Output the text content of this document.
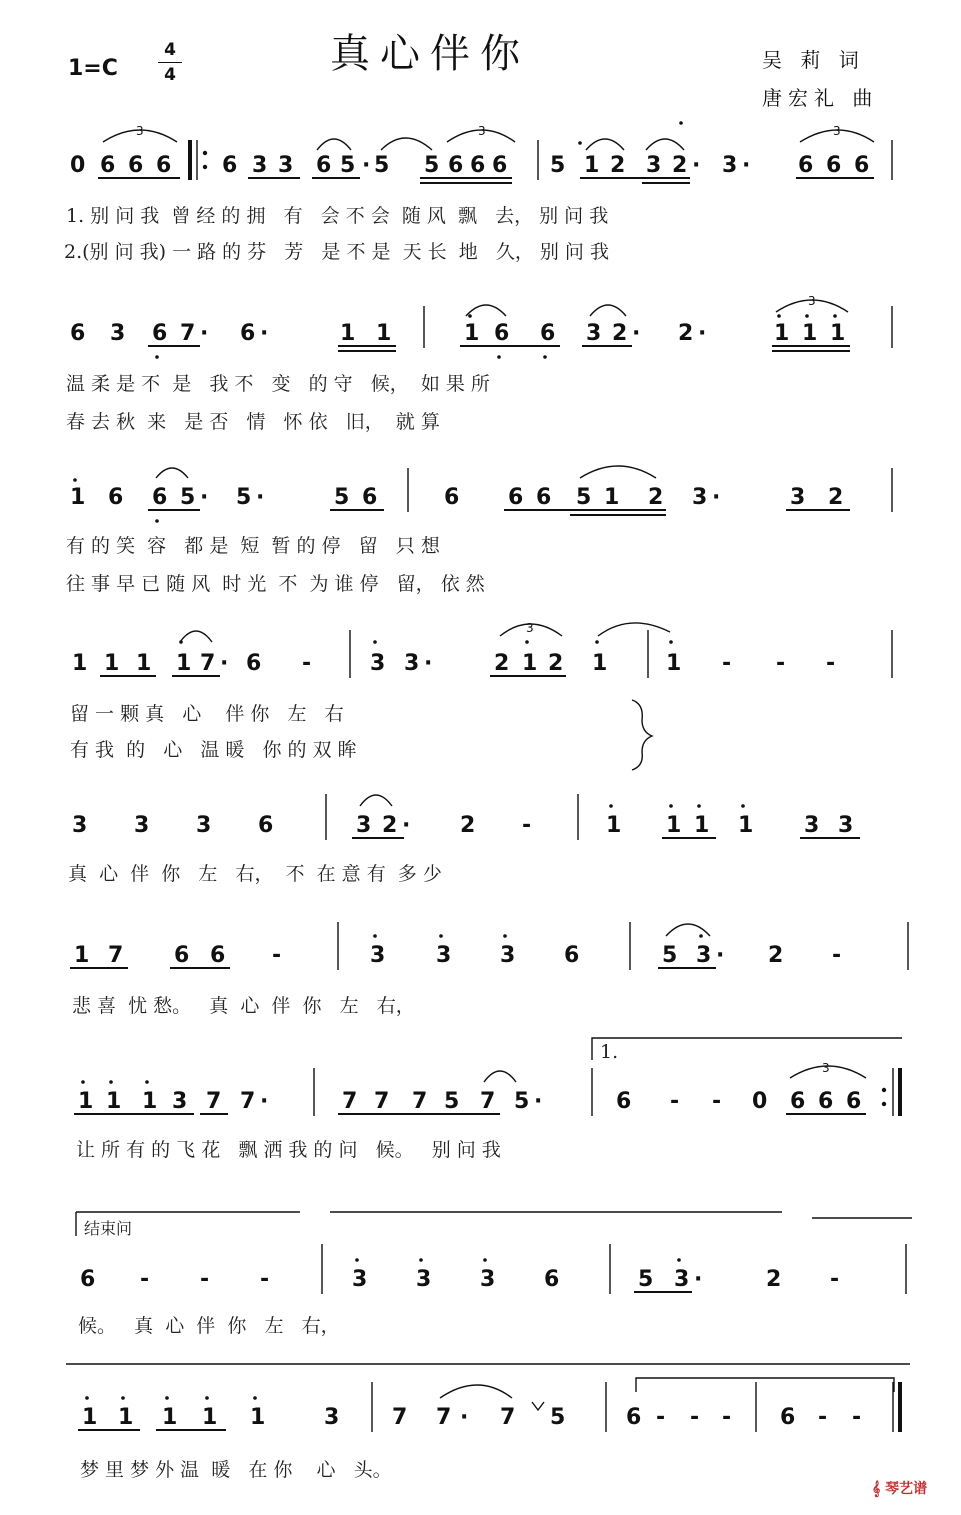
真心伴你
1=C
4
4
吴 莉 词
唐宏礼 曲
0 6 6 6 6 3 3 6 5 5 5 6 6 6 5 1 2 3 2 3	6 6 6
·	· ·
3	3	3
1. 别 问 我  曾 经 的 拥   有   会 不 会  随 风  飘   去， 别 问 我
2.(别 问 我) 一 路 的 芬   芳   是 不 是  天 长  地   久， 别 问 我
6 3 6 7 6	1 1	1 6 6 3 2 2	1 1 1
· ·	·	·
3
温 柔 是 不  是   我 不   变   的 守   候，  如 果 所
春 去 秋  来   是 否   情   怀 依   旧，  就 算
1 6 6 5 5	5 6	6 6 6 5 1 2 3	3 2
· ·	·
有 的 笑  容   都 是  短  暂 的 停   留   只 想
往 事 早 已 随 风  时 光  不  为 谁 停   留， 依 然
1 1 1 1 7 6 -	3 3	2 1 2 1	1 - - -
·	·
3
留 一 颗 真   心    伴 你   左   右
有 我  的   心   温 暖   你 的 双 眸
3 3 3 6	3 2	2 -	1 1 1 1 3 3
·
真  心  伴  你   左   右，  不  在 意 有  多 少
1 7 6 6 -	3 3 3 6	5 3	2 -
·
悲 喜  忧 愁。   真  心  伴  你   左   右，
1.
1 1 1 3 7 7	7 7 7 5 7 5	6 - - 0 6 6 6
·	·
3
让 所 有 的 飞 花   飘 洒 我 的 问   候。   别 问 我
结束问
6 - - -	3 3 3 6	5 3	2 -
·
候。   真  心  伴  你   左   右，
1 1 1 1 1	3 7 7 7 5	6 - - - 6 - -
·
梦 里 梦 外 温  暖   在 你    心   头。
𝄞 琴艺谱
